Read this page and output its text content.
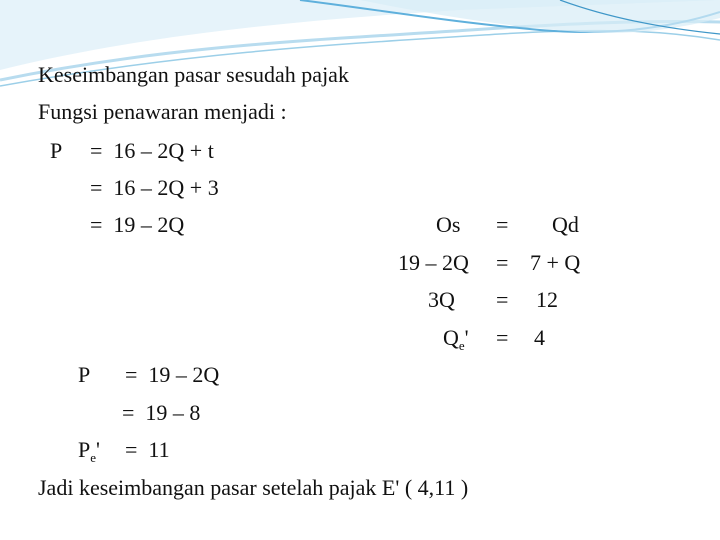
Keseimbangan pasar sesudah pajak
Fungsi penawaran menjadi :
P =  16 – 2Q + t
=  16 – 2Q + 3
=  19 – 2Q	Os = Qd
19 – 2Q = 7 + Q
3Q = 12
$Q_e' = 4$
P =  19 – 2Q
=  19 – 8
$P_e' = 11$
Jadi keseimbangan pasar setelah pajak E' ( 4,11 )
